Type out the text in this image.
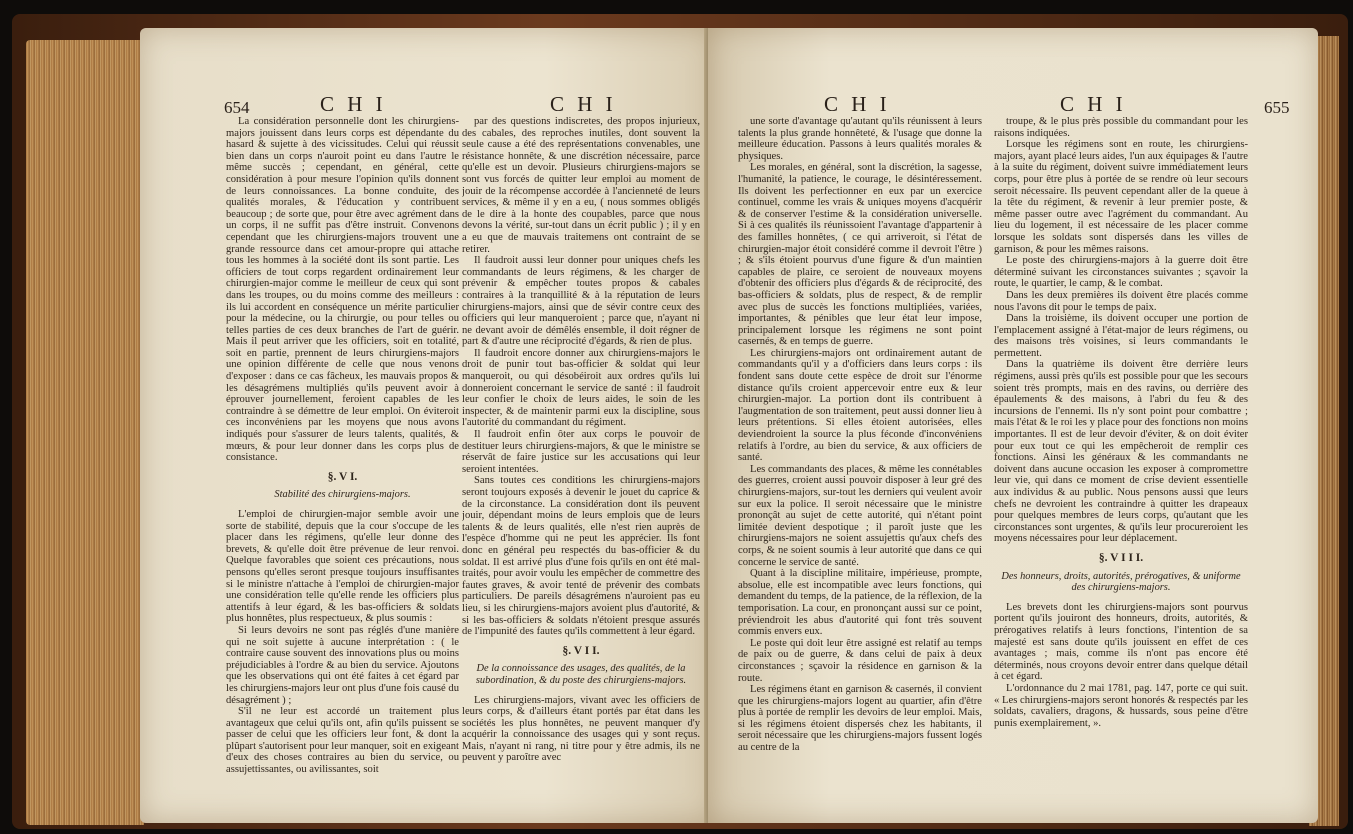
654	C H I	C H I

La considération personnelle dont les chirurgiens-majors jouissent dans leurs corps est dépendante du hasard & sujette à des vicissitudes. Celui qui réussit bien dans un corps n'auroit point eu dans l'autre le même succès ; cependant, en général, cette considération à pour mesure l'opinion qu'ils donnent de leurs connoissances. La bonne conduite, des qualités morales, & l'éducation y contribuent beaucoup ; de sorte que, pour être avec agrément dans un corps, il ne suffit pas d'être instruit. Convenons cependant que les chirurgiens-majors trouvent une grande ressource dans cet amour-propre qui attache tous les hommes à la société dont ils sont partie. Les officiers de tout corps regardent ordinairement leur chirurgien-major comme le meilleur de ceux qui sont dans les troupes, ou du moins comme des meilleurs : ils lui accordent en conséquence un mérite particulier pour la médecine, ou la chirurgie, ou pour telles ou telles parties de ces deux branches de l'art de guérir. Mais il peut arriver que les officiers, soit en totalité, soit en partie, prennent de leurs chirurgiens-majors une opinion différente de celle que nous venons d'exposer : dans ce cas fâcheux, les mauvais propos & les désagrémens multipliés qu'ils peuvent avoir à éprouver journellement, feroient capables de les contraindre à se démettre de leur emploi. On éviteroit ces inconvéniens par les moyens que nous avons indiqués pour s'assurer de leurs talents, qualités, & mœurs, & pour leur donner dans les corps plus de consistance.

§. V I.
Stabilité des chirurgiens-majors.

L'emploi de chirurgien-major semble avoir une sorte de stabilité, depuis que la cour s'occupe de les placer dans les régimens, qu'elle leur donne des brevets, & qu'elle doit être prévenue de leur renvoi. Quelque favorables que soient ces précautions, nous pensons qu'elles seront presque toujours insuffisantes si le ministre n'attache à l'emploi de chirurgien-major une considération telle qu'elle rende les officiers plus attentifs à leur égard, & les bas-officiers & soldats plus honnêtes, plus respectueux, & plus soumis :

Si leurs devoirs ne sont pas réglés d'une manière qui ne soit sujette à aucune interprétation : ( le contraire cause souvent des innovations plus ou moins préjudiciables à l'ordre & au bien du service. Ajoutons que les observations qui ont été faites à cet égard par les chirurgiens-majors leur ont plus d'une fois causé du désagrément ) ;

S'il ne leur est accordé un traitement plus avantageux que celui qu'ils ont, afin qu'ils puissent se passer de celui que les officiers leur font, & dont la plûpart s'autorisent pour leur manquer, soit en exigeant d'eux des choses contraires au bien du service, ou assujettissantes, ou avilissantes, soit

par des questions indiscretes, des propos injurieux, des cabales, des reproches inutiles, dont souvent la seule cause a été des représentations convenables, une résistance honnête, & une discrétion nécessaire, parce qu'elle est un devoir. Plusieurs chirurgiens-majors se sont vus forcés de quitter leur emploi au moment de jouir de la récompense accordée à l'ancienneté de leurs services, & même il y en a eu, ( nous sommes obligés de le dire à la honte des coupables, parce que nous devons la vérité, sur-tout dans un écrit public ) ; il y en a eu que de mauvais traitemens ont contraint de se retirer.

Il faudroit aussi leur donner pour uniques chefs les commandants de leurs régimens, & les charger de prévenir & empêcher toutes propos & cabales contraires à la tranquillité & à la réputation de leurs chirurgiens-majors, ainsi que de sévir contre ceux des officiers qui leur manqueroient ; parce que, n'ayant ni ne devant avoir de démêlés ensemble, il doit régner de part & d'autre une réciprocité d'égards, & rien de plus.

Il faudroit encore donner aux chirurgiens-majors le droit de punir tout bas-officier & soldat qui leur manqueroit, ou qui désobéiroit aux ordres qu'ils lui donneroient concernant le service de santé : il faudroit leur confier le choix de leurs aides, le soin de les inspecter, & de maintenir parmi eux la discipline, sous l'autorité du commandant du régiment.

Il faudroit enfin ôter aux corps le pouvoir de destituer leurs chirurgiens-majors, & que le ministre se réservât de faire justice sur les accusations qui leur seroient intentées.

Sans toutes ces conditions les chirurgiens-majors seront toujours exposés à devenir le jouet du caprice & de la circonstance. La considération dont ils peuvent jouir, dépendant moins de leurs emplois que de leurs talents & de leurs qualités, elle n'est rien auprès de l'espèce d'homme qui ne peut les apprécier. Ils font donc en général peu respectés du bas-officier & du soldat. Il est arrivé plus d'une fois qu'ils en ont été mal-traités, pour avoir voulu les empêcher de commettre des fautes graves, & avoir tenté de prévenir des combats particuliers. De pareils désagrémens n'auroient pas eu lieu, si les chirurgiens-majors avoient plus d'autorité, & si les bas-officiers & soldats n'étoient presque assurés de l'impunité des fautes qu'ils commettent à leur égard.

§. V I I.
De la connoissance des usages, des qualités, de la subordination, & du poste des chirurgiens-majors.

Les chirurgiens-majors, vivant avec les officiers de leurs corps, & d'ailleurs étant portés par état dans les sociétés les plus honnêtes, ne peuvent manquer d'y acquérir la connoissance des usages qui y sont reçus. Mais, n'ayant ni rang, ni titre pour y être admis, ils ne peuvent y paroître avec

C H I	C H I	655

une sorte d'avantage qu'autant qu'ils réunissent à leurs talents la plus grande honnêteté, & l'usage que donne la meilleure éducation. Passons à leurs qualités morales & physiques.

Les morales, en général, sont la discrétion, la sagesse, l'humanité, la patience, le courage, le désintéressement. Ils doivent les perfectionner en eux par un exercice continuel, comme les vrais & uniques moyens d'acquérir & de conserver l'estime & la considération universelle. Si à ces qualités ils réunissoient l'avantage d'appartenir à des familles honnêtes, ( ce qui arriveroit, si l'état de chirurgien-major étoit considéré comme il devroit l'être ) ; & s'ils étoient pourvus d'une figure & d'un maintien capables de plaire, ce seroient de nouveaux moyens d'obtenir des officiers plus d'égards & de réciprocité, des bas-officiers & soldats, plus de respect, & de remplir avec plus de succès les fonctions multipliées, variées, importantes, & pénibles que leur état leur impose, principalement lorsque les régimens ne sont point casernés, & en temps de guerre.

Les chirurgiens-majors ont ordinairement autant de commandants qu'il y a d'officiers dans leurs corps : ils fondent sans doute cette espèce de droit sur l'énorme distance qu'ils croient appercevoir entre eux & leur chirurgien-major. La portion dont ils contribuent à l'augmentation de son traitement, peut aussi donner lieu à leurs prétentions. Si elles étoient autorisées, elles deviendroient la source la plus féconde d'inconvéniens relatifs à l'ordre, au bien du service, & aux officiers de santé.

Les commandants des places, & même les connétables des guerres, croient aussi pouvoir disposer à leur gré des chirurgiens-majors, sur-tout les derniers qui veulent avoir sur eux la police. Il seroit nécessaire que le ministre prononçât au sujet de cette autorité, qui n'étant point limitée devient despotique ; il paroît juste que les chirurgiens-majors ne soient assujettis qu'aux chefs des corps, & ne soient soumis à leur autorité que dans ce qui concerne le service de santé.

Quant à la discipline militaire, impérieuse, prompte, absolue, elle est incompatible avec leurs fonctions, qui demandent du temps, de la patience, de la réflexion, de la temporisation. La cour, en prononçant aussi sur ce point, préviendroit les abus d'autorité qui font très souvent commis envers eux.

Le poste qui doit leur être assigné est relatif au temps de paix ou de guerre, & dans celui de paix à deux circonstances ; sçavoir la résidence en garnison & la route.

Les régimens étant en garnison & casernés, il convient que les chirurgiens-majors logent au quartier, afin d'être plus à portée de remplir les devoirs de leur emploi. Mais, si les régimens étoient dispersés chez les habitants, il seroit nécessaire que les chirurgiens-majors fussent logés au centre de la

troupe, & le plus près possible du commandant pour les raisons indiquées.

Lorsque les régimens sont en route, les chirurgiens-majors, ayant placé leurs aides, l'un aux équipages & l'autre à la suite du régiment, doivent suivre immédiatement leurs corps, pour être plus à portée de se rendre où leur secours seroit nécessaire. Ils peuvent cependant aller de la queue à la tête du régiment, & revenir à leur premier poste, & même passer outre avec l'agrément du commandant. Au lieu du logement, il est nécessaire de les placer comme lorsque les soldats sont dispersés dans les villes de garnison, & pour les mêmes raisons.

Le poste des chirurgiens-majors à la guerre doit être déterminé suivant les circonstances suivantes ; sçavoir la route, le quartier, le camp, & le combat.

Dans les deux premières ils doivent être placés comme nous l'avons dit pour le temps de paix.

Dans la troisième, ils doivent occuper une portion de l'emplacement assigné à l'état-major de leurs régimens, ou des maisons très voisines, si leurs commandants le permettent.

Dans la quatrième ils doivent être derrière leurs régimens, aussi près qu'ils est possible pour que les secours soient très prompts, mais en des ravins, ou derrière des épaulements & des maisons, à l'abri du feu & des incursions de l'ennemi. Ils n'y sont point pour combattre ; mais l'état & le roi les y place pour des fonctions non moins importantes. Il est de leur devoir d'éviter, & on doit éviter pour eux tout ce qui les empêcheroit de remplir ces fonctions. Ainsi les généraux & les commandants ne doivent dans aucune occasion les exposer à compromettre leur vie, qui dans ce moment de crise devient essentielle aux individus & au public. Nous pensons aussi que leurs chefs ne devroient les contraindre à quitter les drapeaux pour quelques membres de leurs corps, qu'autant que les circonstances sont urgentes, & qu'ils leur procureroient les moyens nécessaires pour leur déplacement.

§. V I I I.
Des honneurs, droits, autorités, prérogatives, & uniforme des chirurgiens-majors.

Les brevets dont les chirurgiens-majors sont pourvus portent qu'ils jouiront des honneurs, droits, autorités, & prérogatives relatifs à leurs fonctions, l'intention de sa majesté est sans doute qu'ils jouissent en effet de ces avantages ; mais, comme ils n'ont pas encore été déterminés, nous croyons devoir entrer dans quelque détail à cet égard.

L'ordonnance du 2 mai 1781, pag. 147, porte ce qui suit. « Les chirurgiens-majors seront honorés & respectés par les soldats, cavaliers, dragons, & hussards, sous peine d'être punis exemplairement, ».
